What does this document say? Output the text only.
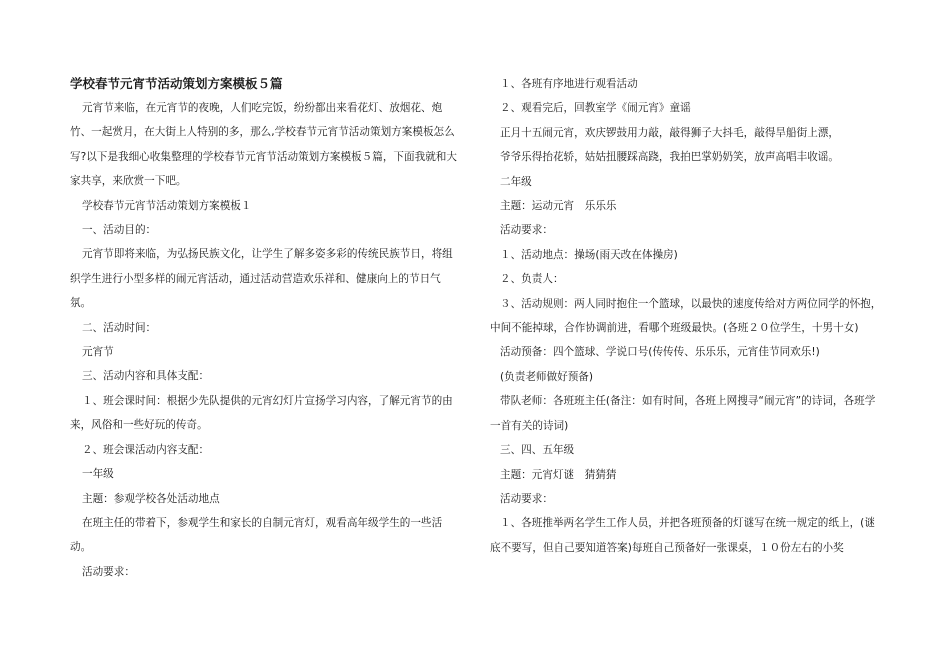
学校春节元宵节活动策划方案模板５篇

元宵节来临，在元宵节的夜晚，人们吃完饭，纷纷都出来看花灯、放烟花、炮竹、一起赏月，在大街上人特别的多，那么,学校春节元宵节活动策划方案模板怎么写?以下是我细心收集整理的学校春节元宵节活动策划方案模板５篇，下面我就和大家共享，来欣赏一下吧。

学校春节元宵节活动策划方案模板１

一、活动目的：

元宵节即将来临，为弘扬民族文化，让学生了解多姿多彩的传统民族节日，将组织学生进行小型多样的闹元宵活动，通过活动营造欢乐祥和、健康向上的节日气氛。

二、活动时间：

元宵节

三、活动内容和具体支配：

１、班会课时间：根据少先队提供的元宵幻灯片宣扬学习内容，了解元宵节的由来，风俗和一些好玩的传奇。

２、班会课活动内容支配：

一年级

主题：参观学校各处活动地点

在班主任的带着下，参观学生和家长的自制元宵灯，观看高年级学生的一些活动。

活动要求：

１、各班有序地进行观看活动

２、观看完后，回教室学《闹元宵》童谣

正月十五闹元宵，欢庆锣鼓用力敲，敲得狮子大抖毛，敲得旱船街上漂，

爷爷乐得抬花轿，姑姑扭腰踩高跷，我拍巴掌奶奶笑，放声高唱丰收谣。

二年级

主题：运动元宵　乐乐乐

活动要求：

１、活动地点：操场(雨天改在体操房)

２、负责人：

３、活动规则：两人同时抱住一个篮球，以最快的速度传给对方两位同学的怀抱，中间不能掉球，合作协调前进，看哪个班级最快。(各班２０位学生，十男十女)

活动预备：四个篮球、学说口号(传传传、乐乐乐，元宵佳节同欢乐!)

(负责老师做好预备)

带队老师：各班班主任(备注：如有时间，各班上网搜寻“闹元宵”的诗词，各班学一首有关的诗词)

三、四、五年级

主题：元宵灯谜　猜猜猜

活动要求：

１、各班推举两名学生工作人员，并把各班预备的灯谜写在统一规定的纸上，(谜底不要写，但自己要知道答案)每班自己预备好一张课桌，１０份左右的小奖
